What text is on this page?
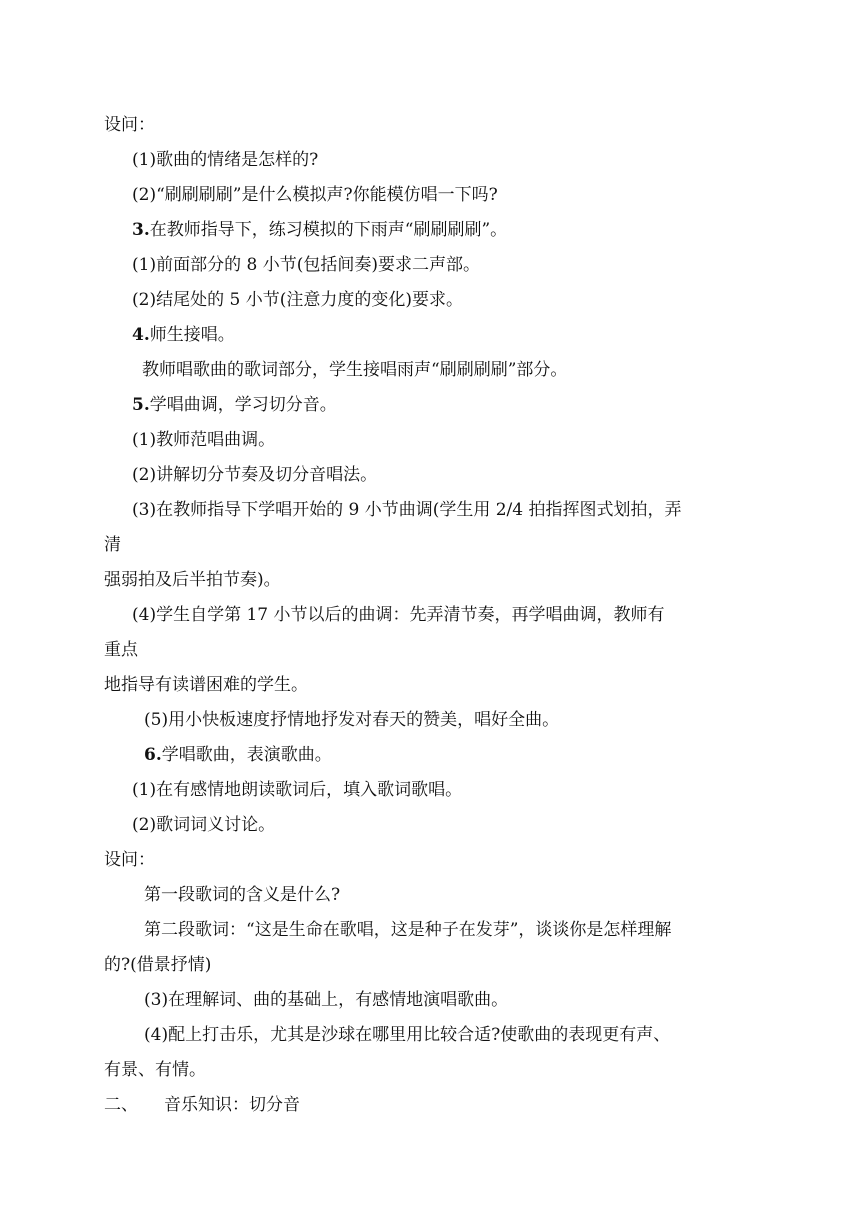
设问：
(1)歌曲的情绪是怎样的?
(2)“刷刷刷刷”是什么模拟声?你能模仿唱一下吗?
3.在教师指导下，练习模拟的下雨声“刷刷刷刷”。
(1)前面部分的 8 小节(包括间奏)要求二声部。
(2)结尾处的 5 小节(注意力度的变化)要求。
4.师生接唱。
教师唱歌曲的歌词部分，学生接唱雨声“刷刷刷刷”部分。
5.学唱曲调，学习切分音。
(1)教师范唱曲调。
(2)讲解切分节奏及切分音唱法。
(3)在教师指导下学唱开始的 9 小节曲调(学生用 2/4 拍指挥图式划拍，弄
清
强弱拍及后半拍节奏)。
(4)学生自学第 17 小节以后的曲调：先弄清节奏，再学唱曲调，教师有
重点
地指导有读谱困难的学生。
(5)用小快板速度抒情地抒发对春天的赞美，唱好全曲。
6.学唱歌曲，表演歌曲。
(1)在有感情地朗读歌词后，填入歌词歌唱。
(2)歌词词义讨论。
设问：
第一段歌词的含义是什么?
第二段歌词：“这是生命在歌唱，这是种子在发芽”，谈谈你是怎样理解
的?(借景抒情)
(3)在理解词、曲的基础上，有感情地演唱歌曲。
(4)配上打击乐，尤其是沙球在哪里用比较合适?使歌曲的表现更有声、
有景、有情。
二、 音乐知识：切分音
